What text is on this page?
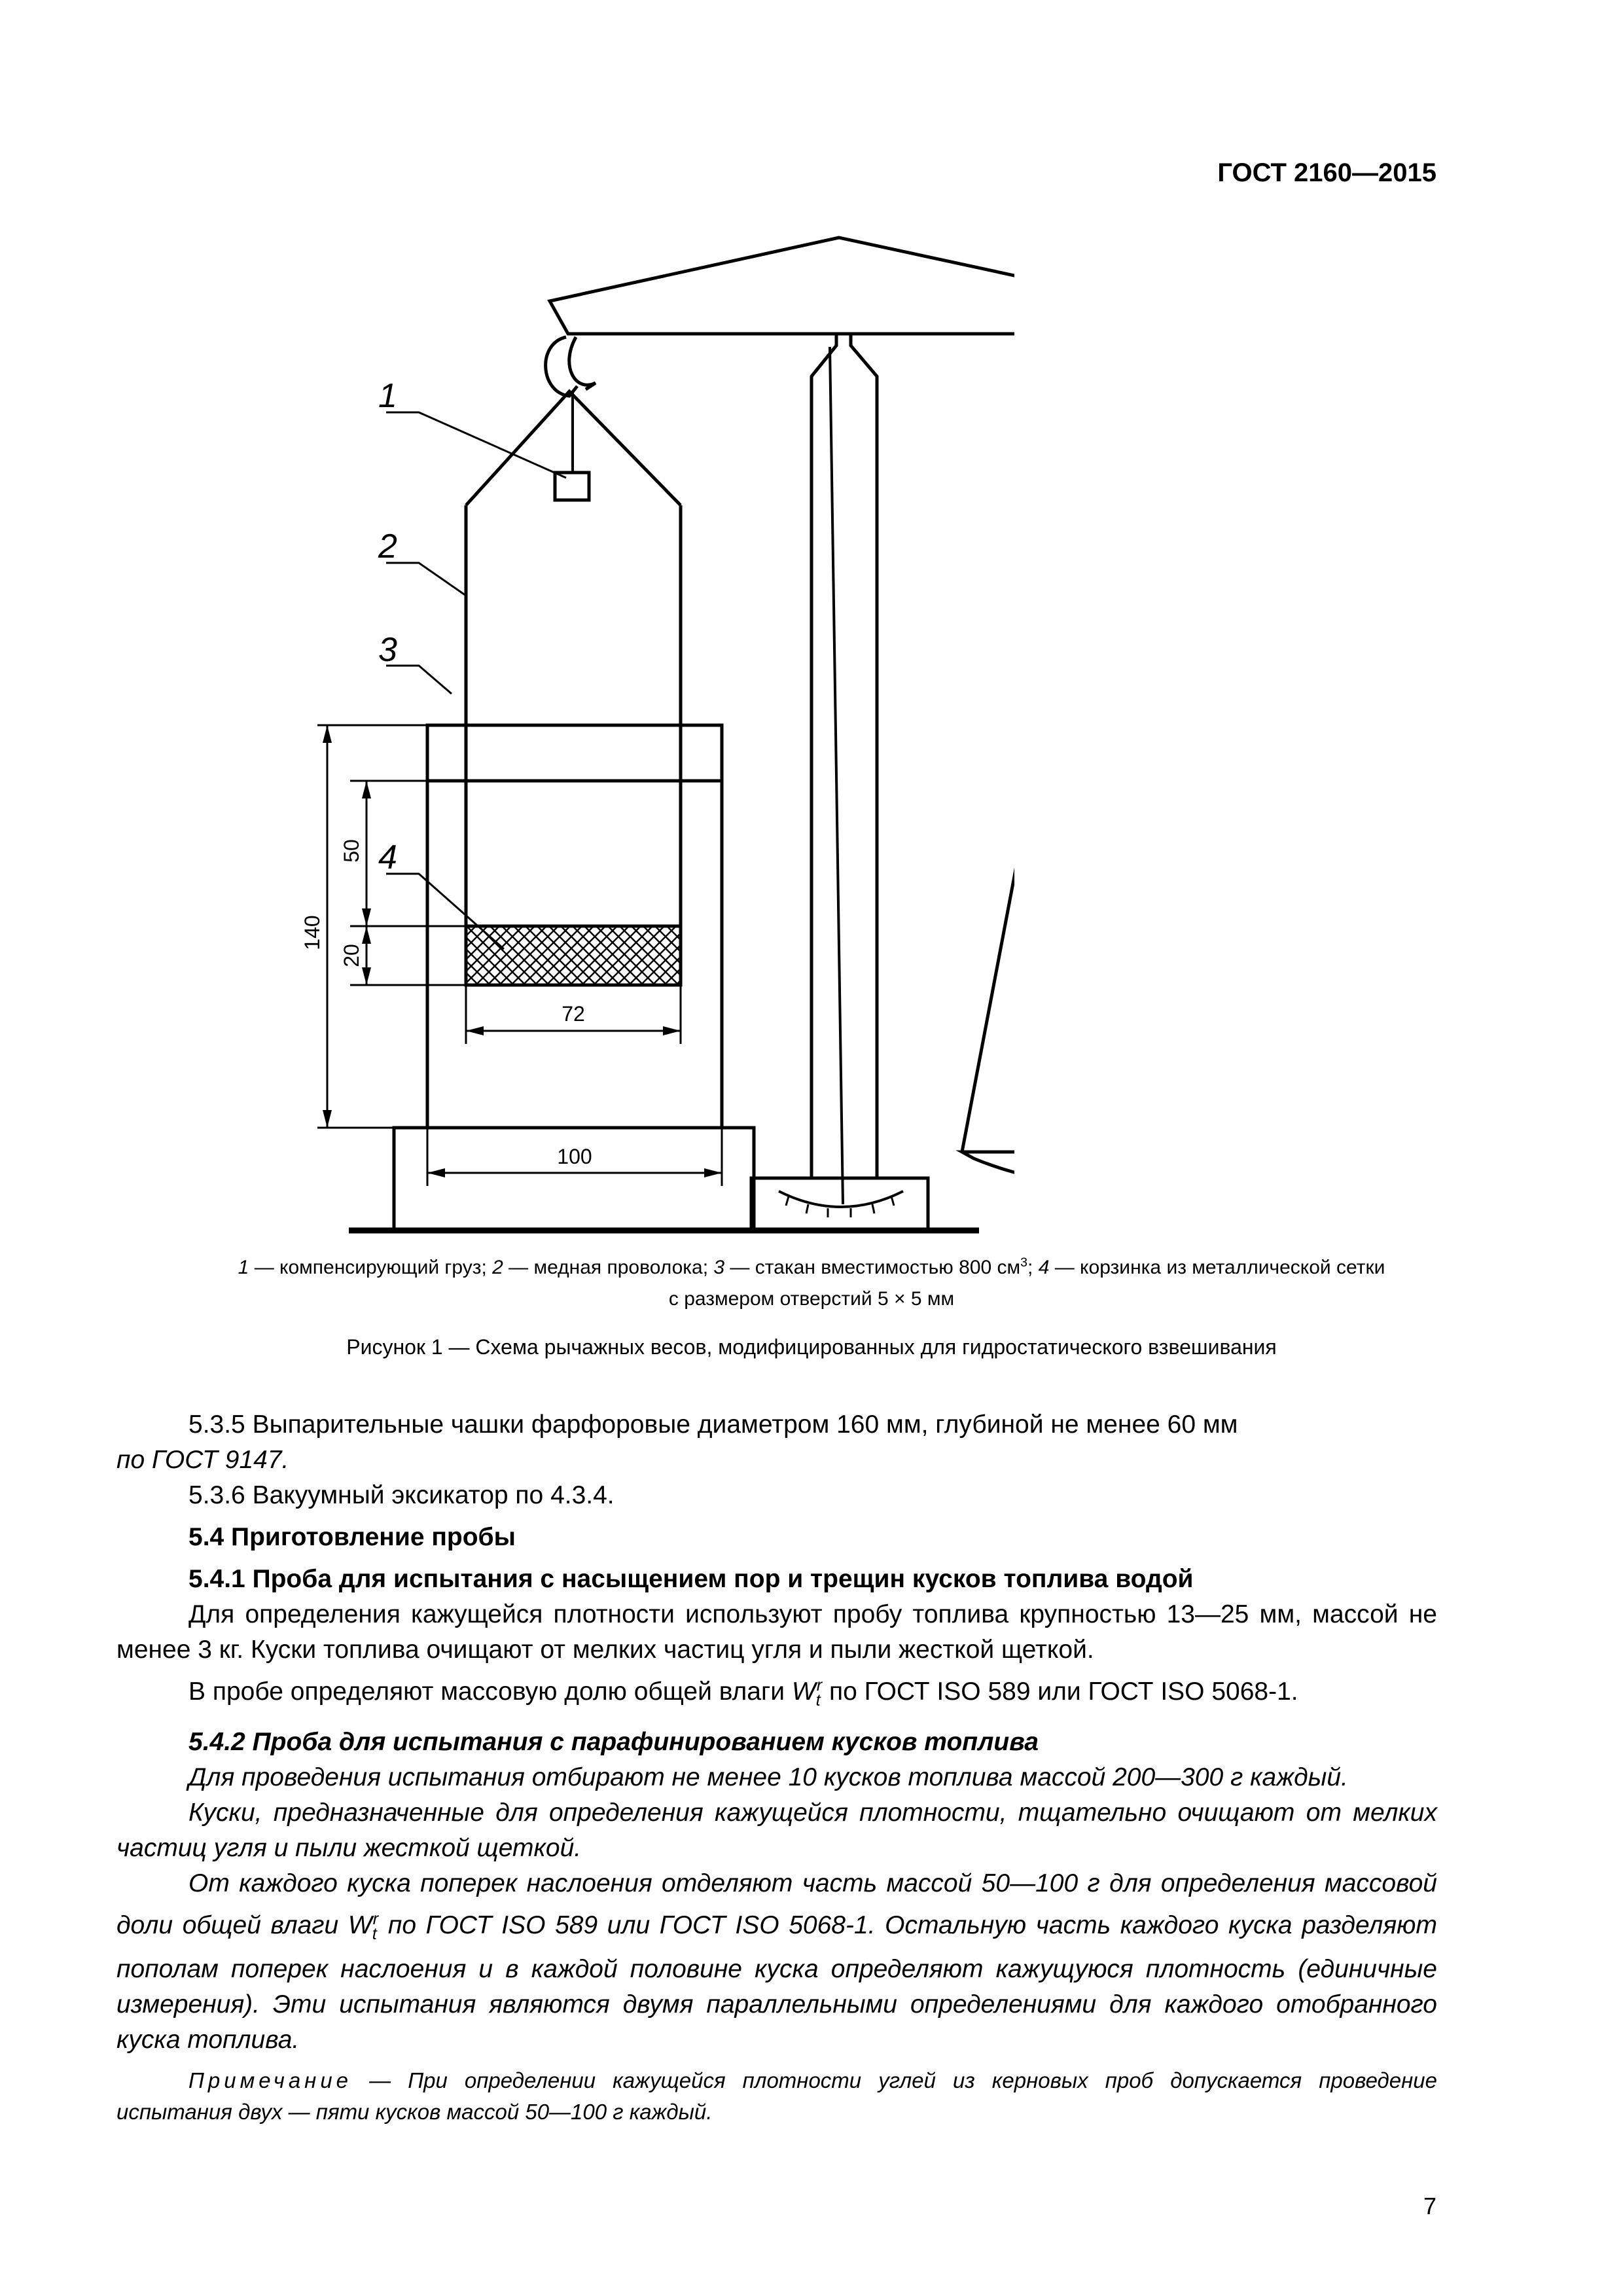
ГОСТ 2160—2015
1
2
3
4
140
50
20
72
100
1 — компенсирующий груз; 2 — медная проволока; 3 — стакан вместимостью 800 $см^3$; 4 — корзинка из металлической сетки
с размером отверстий 5 × 5 мм
Рисунок 1 — Схема рычажных весов, модифицированных для гидростатического взвешивания

5.3.5 Выпарительные чашки фарфоровые диаметром 160 мм, глубиной не менее 60 мм

по ГОСТ 9147.

5.3.6 Вакуумный эксикатор по 4.3.4.

5.4 Приготовление пробы

5.4.1 Проба для испытания с насыщением пор и трещин кусков топлива водой

Для определения кажущейся плотности используют пробу топлива крупностью 13—25 мм, массой не менее 3 кг. Куски топлива очищают от мелких частиц угля и пыли жесткой щеткой.

В пробе определяют массовую долю общей влаги $W_t^r$ по ГОСТ ISO 589 или ГОСТ ISO 5068-1.

5.4.2 Проба для испытания с парафинированием кусков топлива

Для проведения испытания отбирают не менее 10 кусков топлива массой 200—300 г каждый.

Куски, предназначенные для определения кажущейся плотности, тщательно очищают от мелких частиц угля и пыли жесткой щеткой.

От каждого куска поперек наслоения отделяют часть массой 50—100 г для определения массовой доли общей влаги $W_t^r$ по ГОСТ ISO 589 или ГОСТ ISO 5068-1. Остальную часть каждого куска разделяют пополам поперек наслоения и в каждой половине куска определяют кажущуюся плотность (единичные измерения). Эти испытания являются двумя параллельными определениями для каждого отобранного куска топлива.

Примечание — При определении кажущейся плотности углей из керновых проб допускается проведение испытания двух — пяти кусков массой 50—100 г каждый.
7
